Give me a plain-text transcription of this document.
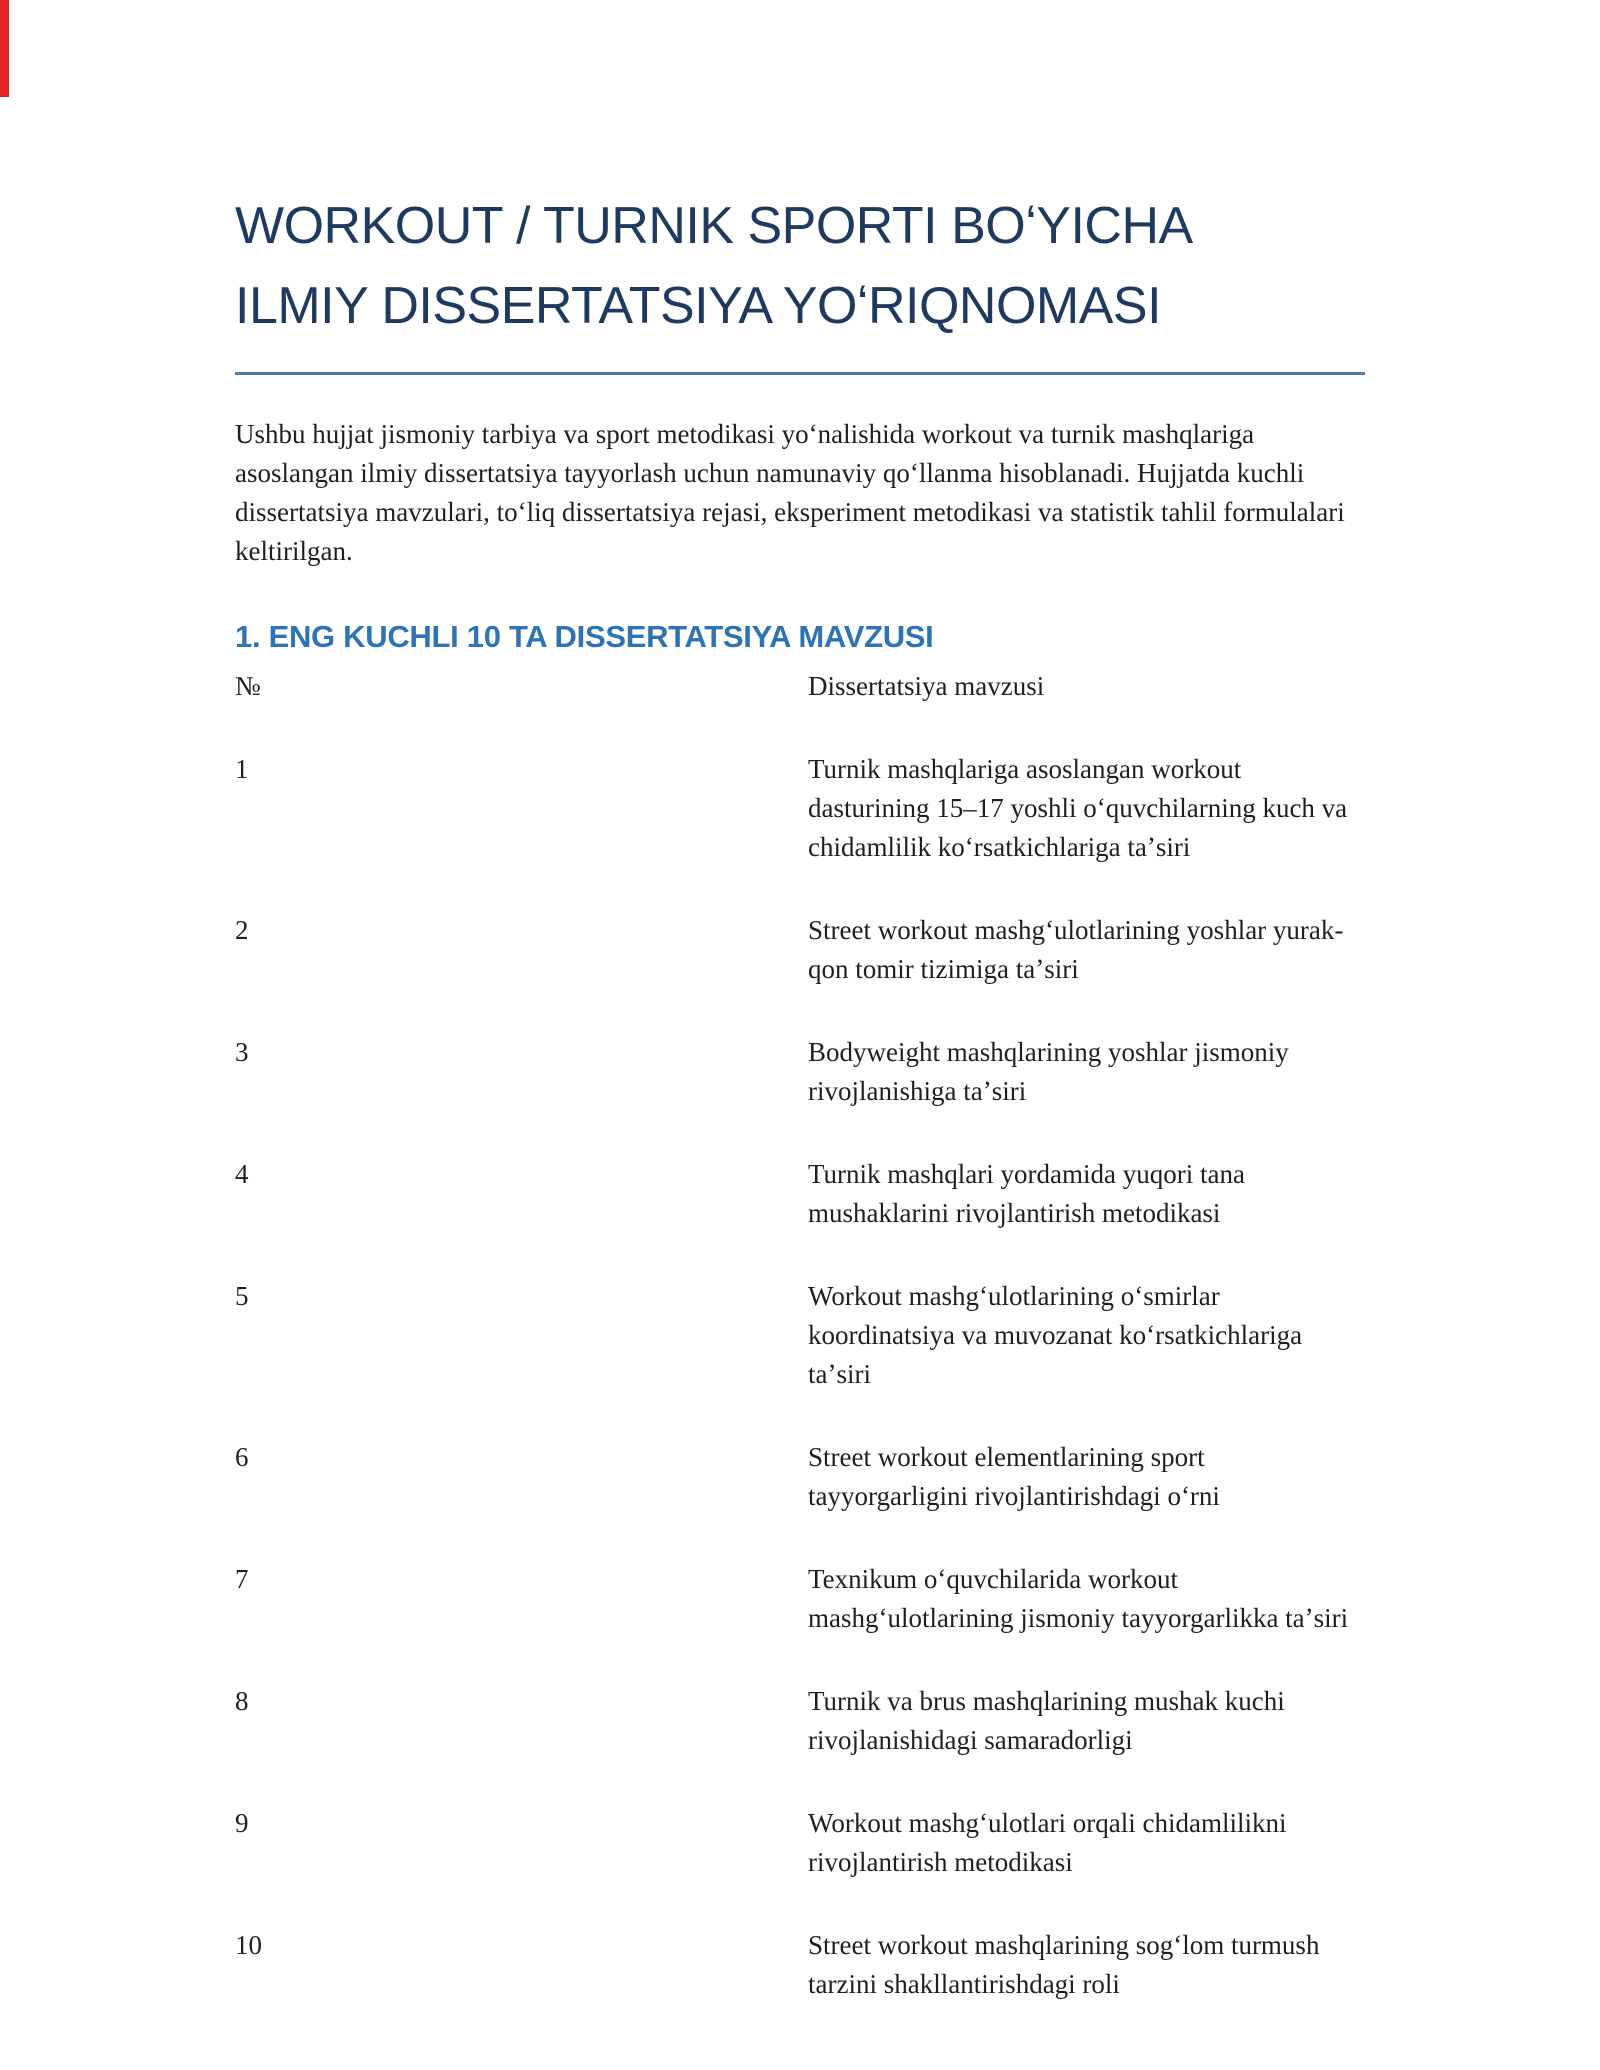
WORKOUT / TURNIK SPORTI BOʻYICHA
ILMIY DISSERTATSIYA YOʻRIQNOMASI

Ushbu hujjat jismoniy tarbiya va sport metodikasi yoʻnalishida workout va turnik mashqlariga asoslangan ilmiy dissertatsiya tayyorlash uchun namunaviy qoʻllanma hisoblanadi. Hujjatda kuchli dissertatsiya mavzulari, toʻliq dissertatsiya rejasi, eksperiment metodikasi va statistik tahlil formulalari keltirilgan.

1. ENG KUCHLI 10 TA DISSERTATSIYA MAVZUSI
№	Dissertatsiya mavzusi
1	Turnik mashqlariga asoslangan workout dasturining 15–17 yoshli oʻquvchilarning kuch va chidamlilik koʻrsatkichlariga taʼsiri
2	Street workout mashgʻulotlarining yoshlar yurak-qon tomir tizimiga taʼsiri
3	Bodyweight mashqlarining yoshlar jismoniy rivojlanishiga taʼsiri
4	Turnik mashqlari yordamida yuqori tana mushaklarini rivojlantirish metodikasi
5	Workout mashgʻulotlarining oʻsmirlar koordinatsiya va muvozanat koʻrsatkichlariga taʼsiri
6	Street workout elementlarining sport tayyorgarligini rivojlantirishdagi oʻrni
7	Texnikum oʻquvchilarida workout mashgʻulotlarining jismoniy tayyorgarlikka taʼsiri
8	Turnik va brus mashqlarining mushak kuchi rivojlanishidagi samaradorligi
9	Workout mashgʻulotlari orqali chidamlilikni rivojlantirish metodikasi
10	Street workout mashqlarining sogʻlom turmush tarzini shakllantirishdagi roli
